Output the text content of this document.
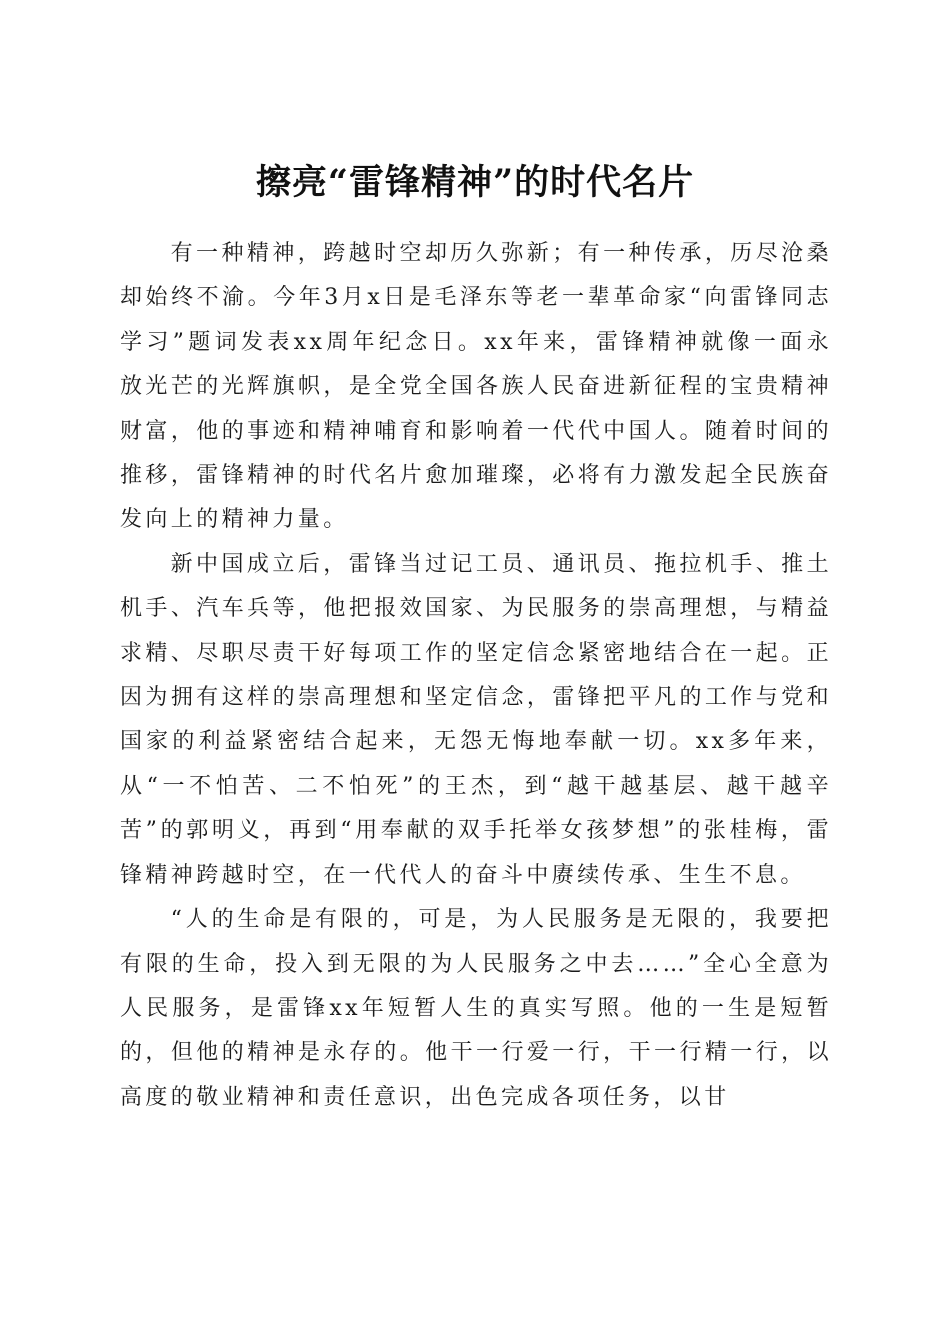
擦亮“雷锋精神”的时代名片

有一种精神，跨越时空却历久弥新；有一种传承，历尽沧桑却始终不渝。今年3月x日是毛泽东等老一辈革命家“向雷锋同志学习”题词发表xx周年纪念日。xx年来，雷锋精神就像一面永放光芒的光辉旗帜，是全党全国各族人民奋进新征程的宝贵精神财富，他的事迹和精神哺育和影响着一代代中国人。随着时间的推移，雷锋精神的时代名片愈加璀璨，必将有力激发起全民族奋发向上的精神力量。

新中国成立后，雷锋当过记工员、通讯员、拖拉机手、推土机手、汽车兵等，他把报效国家、为民服务的崇高理想，与精益求精、尽职尽责干好每项工作的坚定信念紧密地结合在一起。正因为拥有这样的崇高理想和坚定信念，雷锋把平凡的工作与党和国家的利益紧密结合起来，无怨无悔地奉献一切。xx多年来，从“一不怕苦、二不怕死”的王杰，到“越干越基层、越干越辛苦”的郭明义，再到“用奉献的双手托举女孩梦想”的张桂梅，雷锋精神跨越时空，在一代代人的奋斗中赓续传承、生生不息。

“人的生命是有限的，可是，为人民服务是无限的，我要把有限的生命，投入到无限的为人民服务之中去……”全心全意为人民服务，是雷锋xx年短暂人生的真实写照。他的一生是短暂的，但他的精神是永存的。他干一行爱一行，干一行精一行，以高度的敬业精神和责任意识，出色完成各项任务，以甘
